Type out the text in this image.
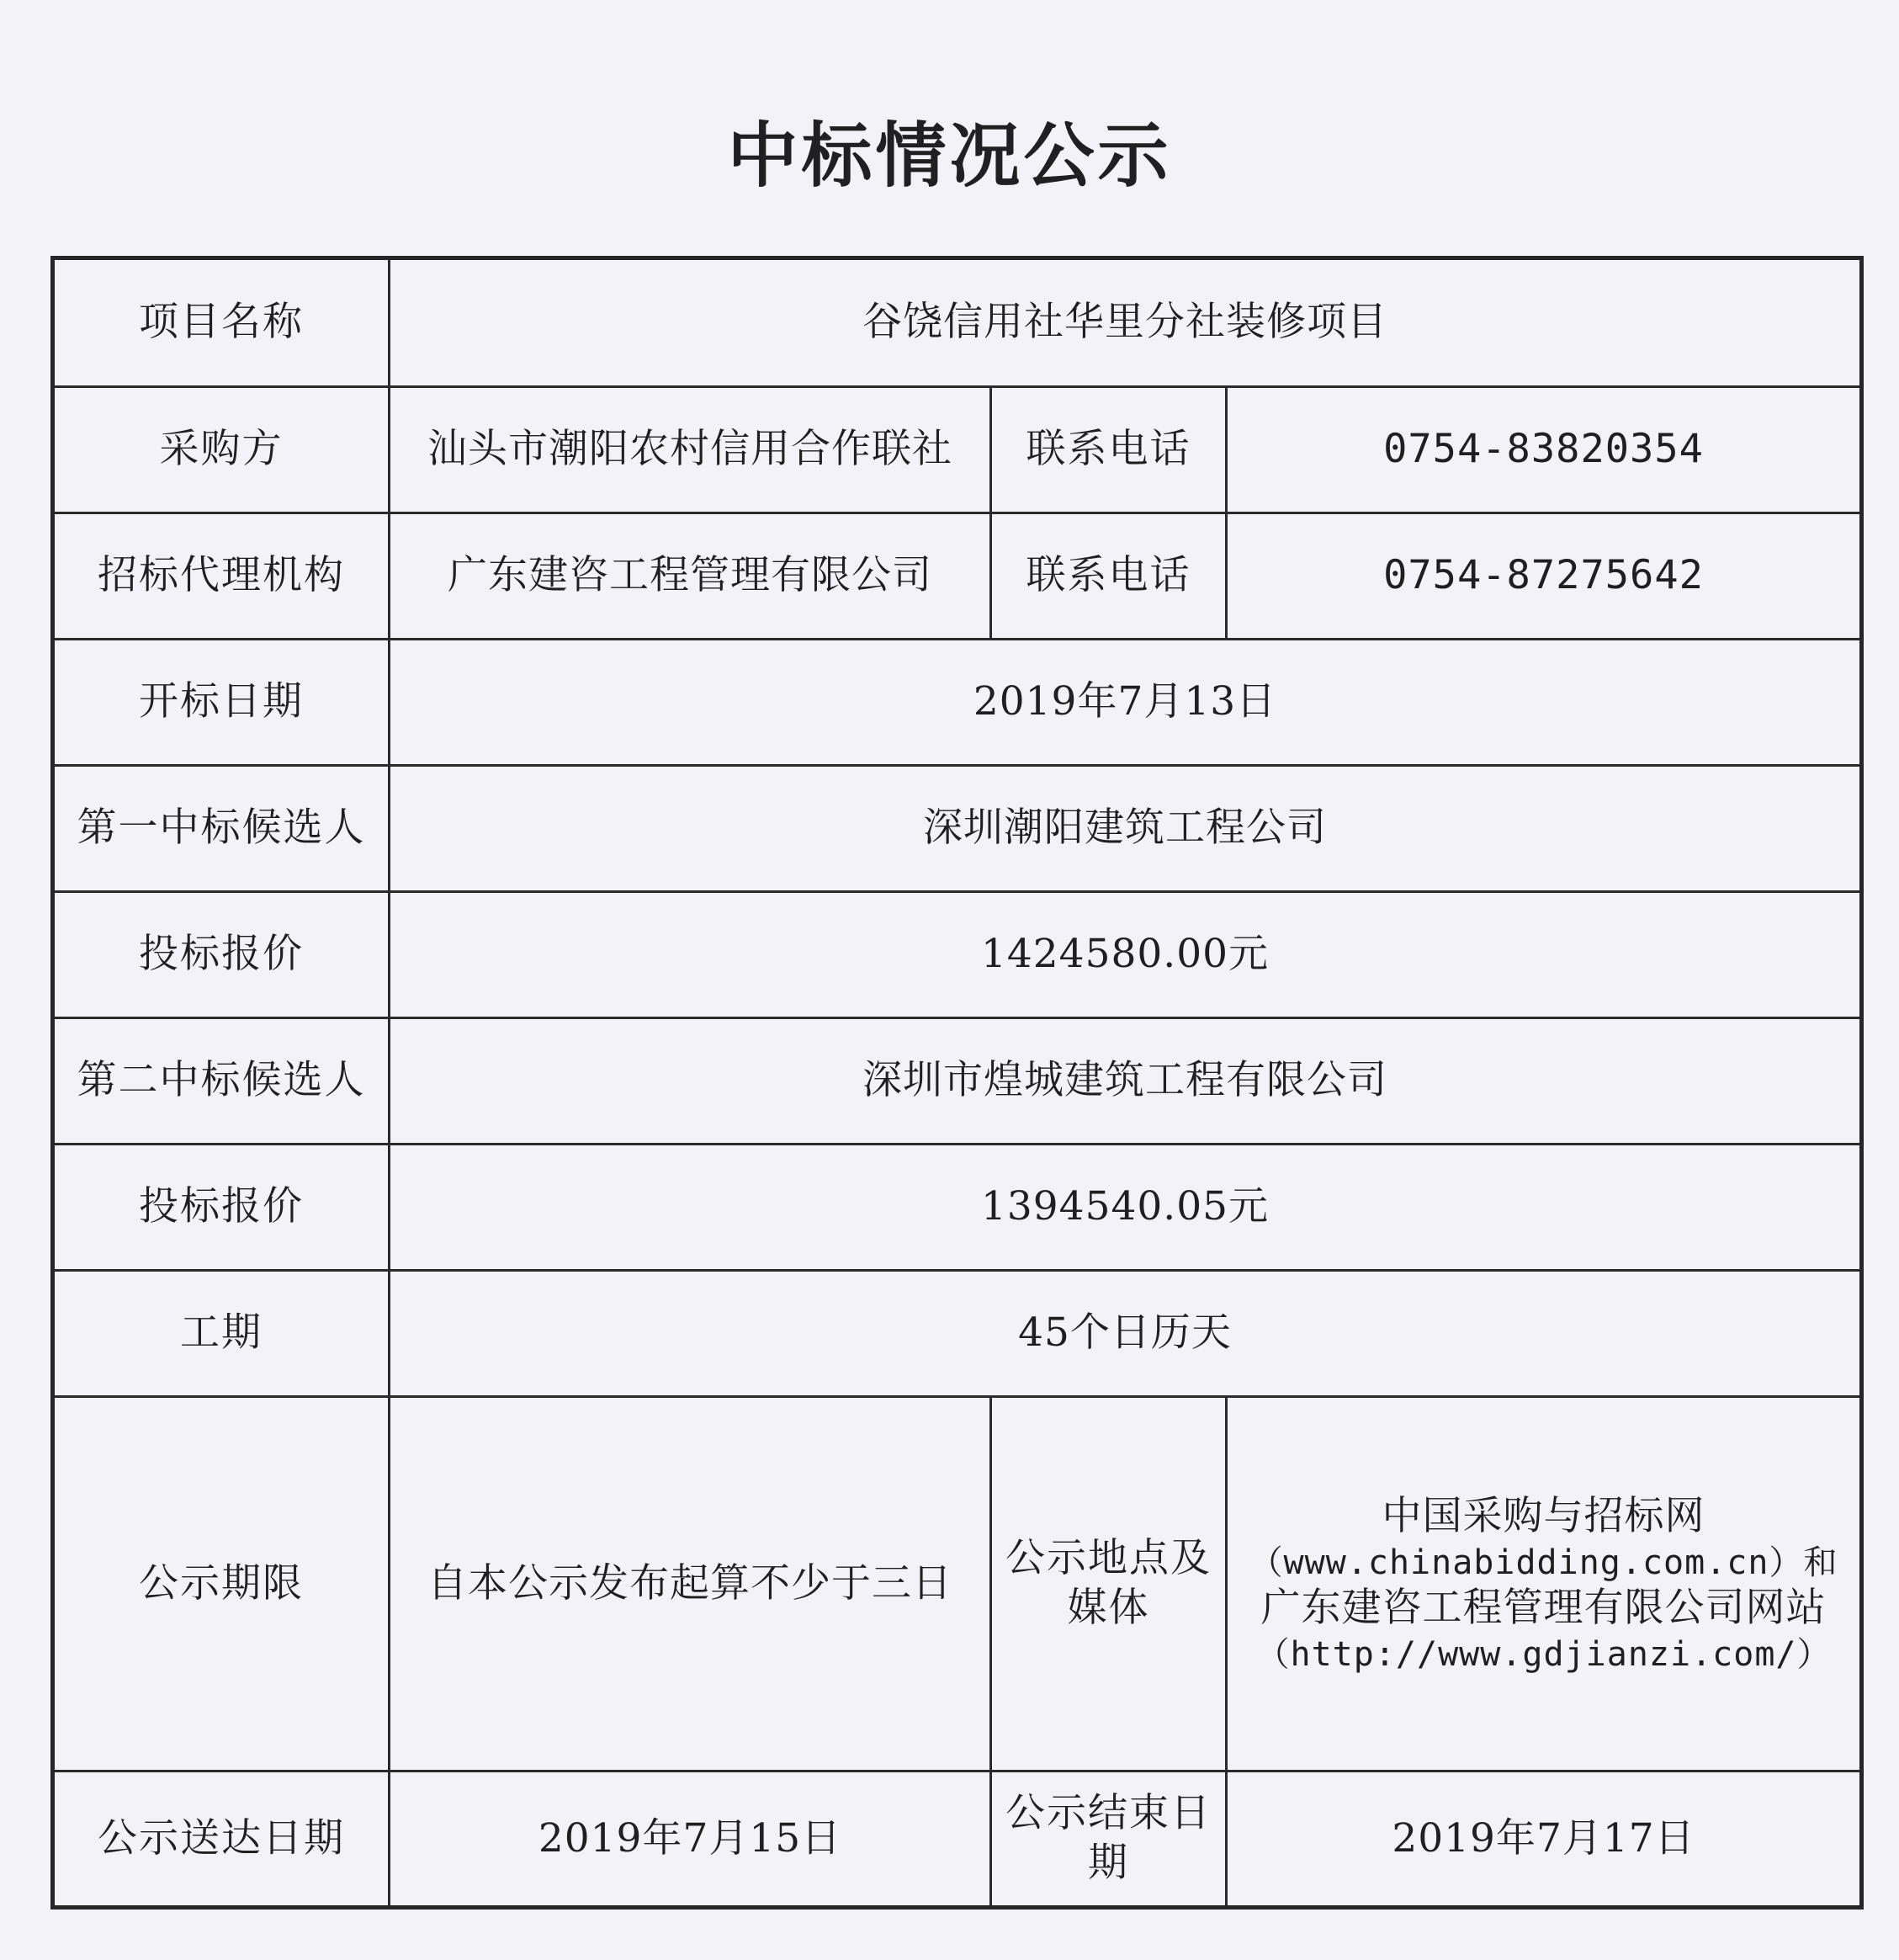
中标情况公示
项目名称	谷饶信用社华里分社装修项目		
采购方	汕头市潮阳农村信用合作联社	联系电话	0754-83820354
招标代理机构	广东建咨工程管理有限公司	联系电话	0754-87275642
开标日期	2019年7月13日		
第一中标候选人	深圳潮阳建筑工程公司		
投标报价	1424580.00元		
第二中标候选人	深圳市煌城建筑工程有限公司		
投标报价	1394540.05元		
工期	45个日历天		
公示期限	自本公示发布起算不少于三日	公示地点及媒体	中国采购与招标网
（www.chinabidding.com.cn）和
广东建咨工程管理有限公司网站
（http://www.gdjianzi.com/）

公示送达日期	2019年7月15日	公示结束日期	2019年7月17日
